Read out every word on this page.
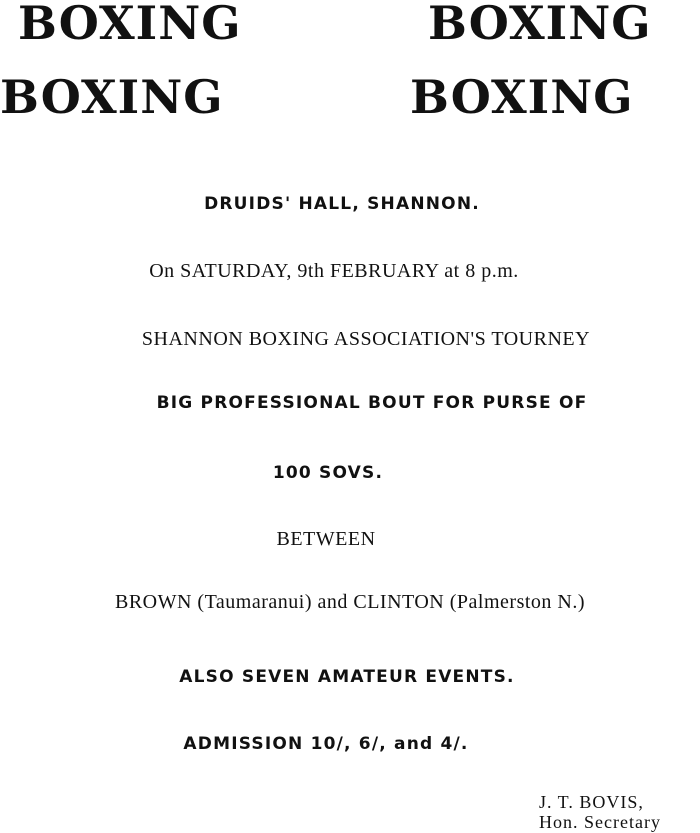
BOXING	BOXING
BOXING	BOXING
DRUIDS' HALL, SHANNON.
On SATURDAY, 9th FEBRUARY at 8 p.m.
SHANNON BOXING ASSOCIATION'S TOURNEY
BIG PROFESSIONAL BOUT FOR PURSE OF
100 SOVS.
BETWEEN
BROWN (Taumaranui) and CLINTON (Palmerston N.)
ALSO SEVEN AMATEUR EVENTS.
ADMISSION 10/, 6/, and 4/.
J. T. BOVIS,
Hon. Secretary
